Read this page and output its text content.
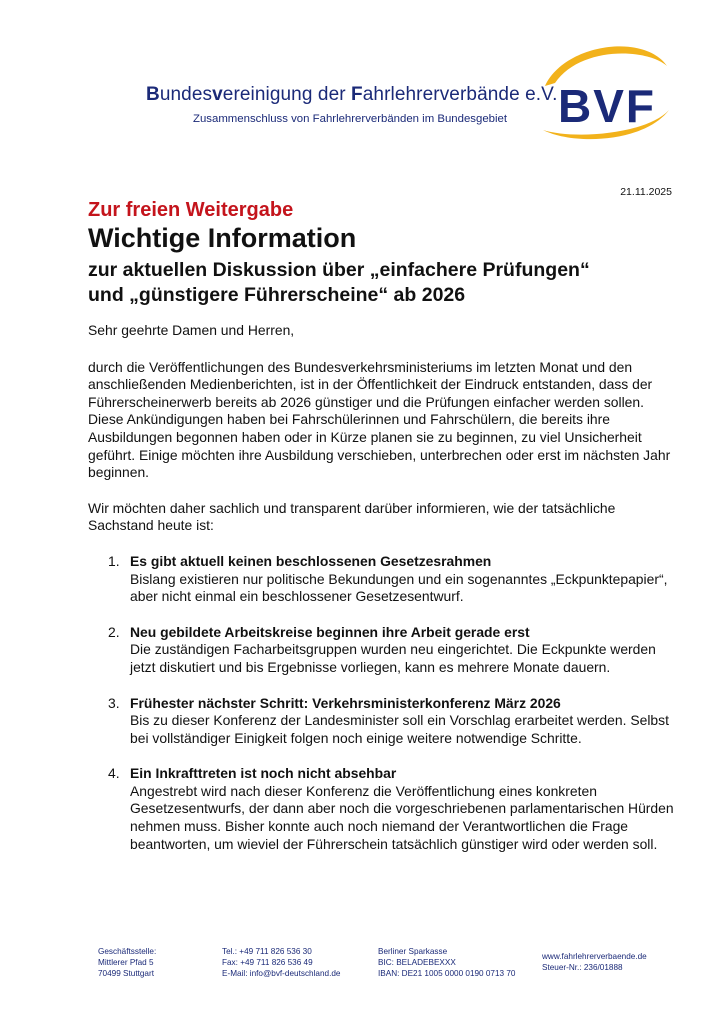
Bundesvereinigung der Fahrlehrerverbände e.V.
Zusammenschluss von Fahrlehrerverbänden im Bundesgebiet BVF
21.11.2025
Zur freien Weitergabe
Wichtige Information
zur aktuellen Diskussion über „einfachere Prüfungen“
und „günstigere Führerscheine“ ab 2026

Sehr geehrte Damen und Herren,

durch die Veröffentlichungen des Bundesverkehrsministeriums im letzten Monat und den anschließenden Medienberichten, ist in der Öffentlichkeit der Eindruck entstanden, dass der Führerscheinerwerb bereits ab 2026 günstiger und die Prüfungen einfacher werden sollen. Diese Ankündigungen haben bei Fahrschülerinnen und Fahrschülern, die bereits ihre Ausbildungen begonnen haben oder in Kürze planen sie zu beginnen, zu viel Unsicherheit geführt. Einige möchten ihre Ausbildung verschieben, unterbrechen oder erst im nächsten Jahr beginnen.

Wir möchten daher sachlich und transparent darüber informieren, wie der tatsächliche Sachstand heute ist:

1. Es gibt aktuell keinen beschlossenen Gesetzesrahmen
Bislang existieren nur politische Bekundungen und ein sogenanntes „Eckpunktepapier“, aber nicht einmal ein beschlossener Gesetzesentwurf.
2. Neu gebildete Arbeitskreise beginnen ihre Arbeit gerade erst
Die zuständigen Facharbeitsgruppen wurden neu eingerichtet. Die Eckpunkte werden jetzt diskutiert und bis Ergebnisse vorliegen, kann es mehrere Monate dauern.
3. Frühester nächster Schritt: Verkehrsministerkonferenz März 2026
Bis zu dieser Konferenz der Landesminister soll ein Vorschlag erarbeitet werden. Selbst bei vollständiger Einigkeit folgen noch einige weitere notwendige Schritte.
4. Ein Inkrafttreten ist noch nicht absehbar
Angestrebt wird nach dieser Konferenz die Veröffentlichung eines konkreten Gesetzesentwurfs, der dann aber noch die vorgeschriebenen parlamentarischen Hürden nehmen muss. Bisher konnte auch noch niemand der Verantwortlichen die Frage beantworten, um wieviel der Führerschein tatsächlich günstiger wird oder werden soll.
Geschäftsstelle:
Mittlerer Pfad 5
70499 Stuttgart
Tel.: +49 711 826 536 30
Fax: +49 711 826 536 49
E-Mail: info@bvf-deutschland.de
Berliner Sparkasse
BIC: BELADEBEXXX
IBAN: DE21 1005 0000 0190 0713 70
www.fahrlehrerverbaende.de
Steuer-Nr.: 236/01888
